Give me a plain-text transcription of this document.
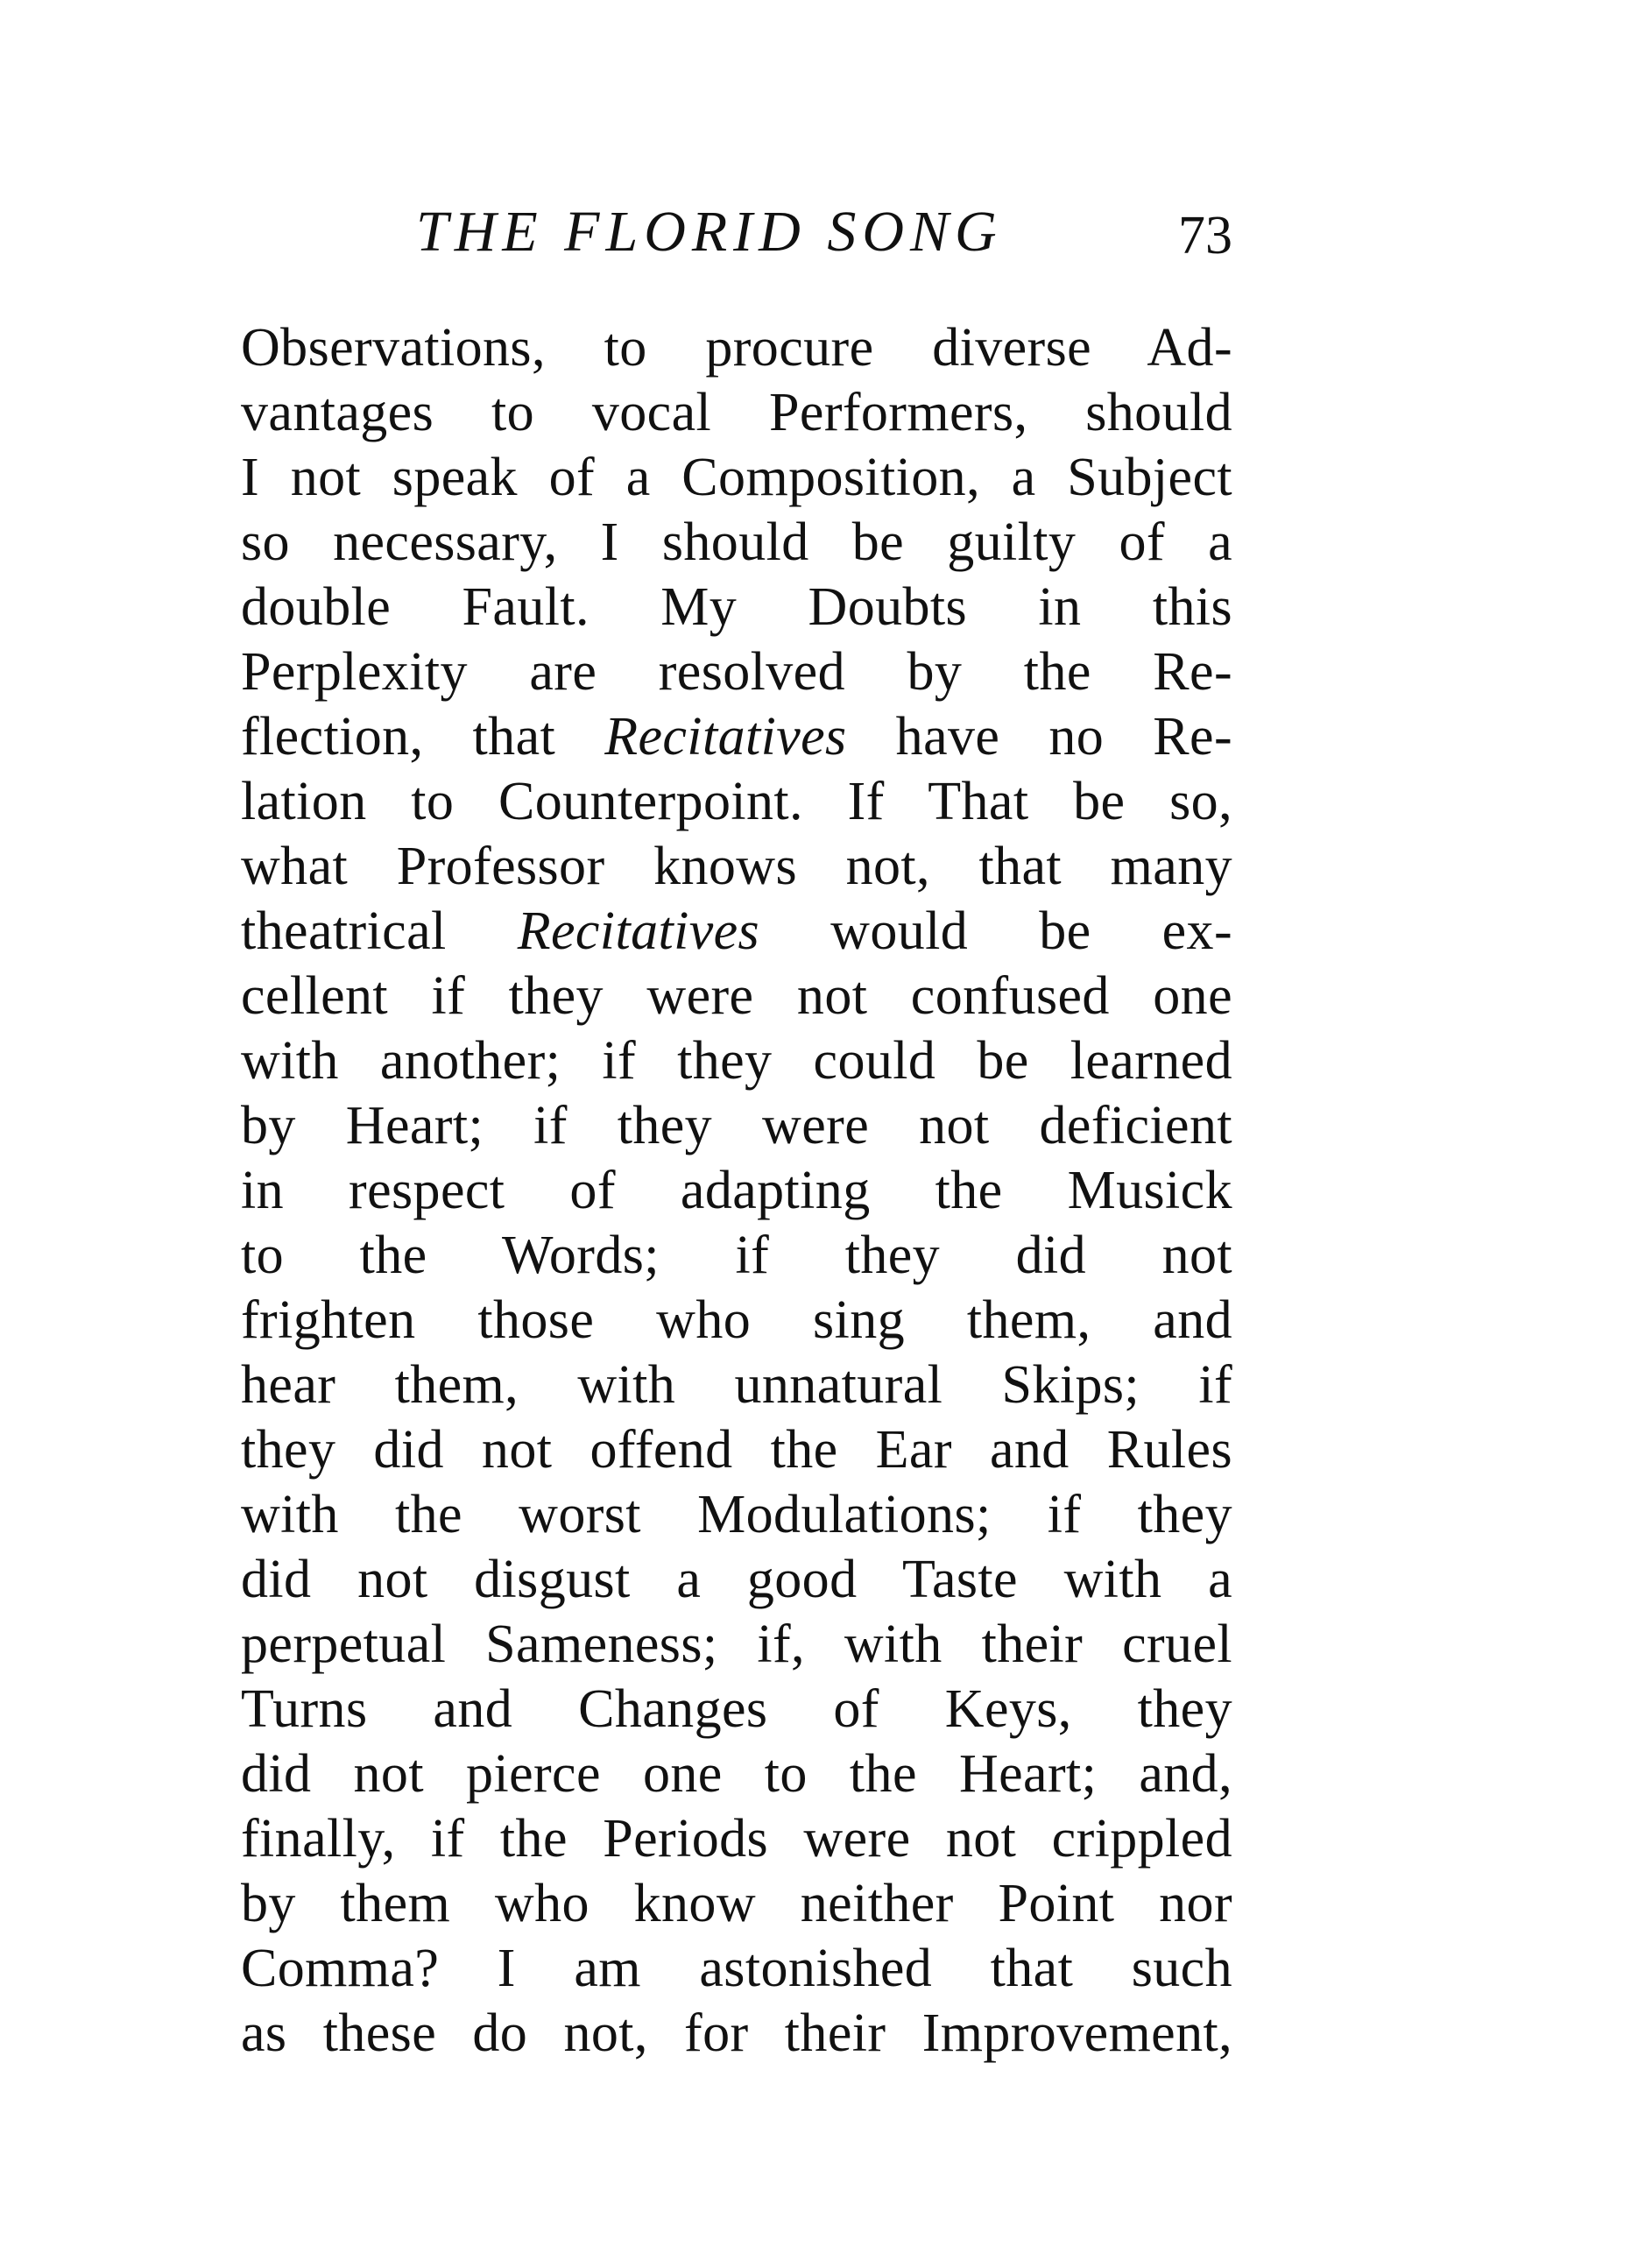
THE FLORID SONG	73
Observations, to procure diverse Ad-
vantages to vocal Performers, should
I not speak of a Composition, a Subject
so necessary, I should be guilty of a
double Fault. My Doubts in this
Perplexity are resolved by the Re-
flection, that Recitatives have no Re-
lation to Counterpoint. If That be so,
what Professor knows not, that many
theatrical Recitatives would be ex-
cellent if they were not confused one
with another; if they could be learned
by Heart; if they were not deficient
in respect of adapting the Musick
to the Words; if they did not
frighten those who sing them, and
hear them, with unnatural Skips; if
they did not offend the Ear and Rules
with the worst Modulations; if they
did not disgust a good Taste with a
perpetual Sameness; if, with their cruel
Turns and Changes of Keys, they
did not pierce one to the Heart; and,
finally, if the Periods were not crippled
by them who know neither Point nor
Comma? I am astonished that such
as these do not, for their Improvement,
